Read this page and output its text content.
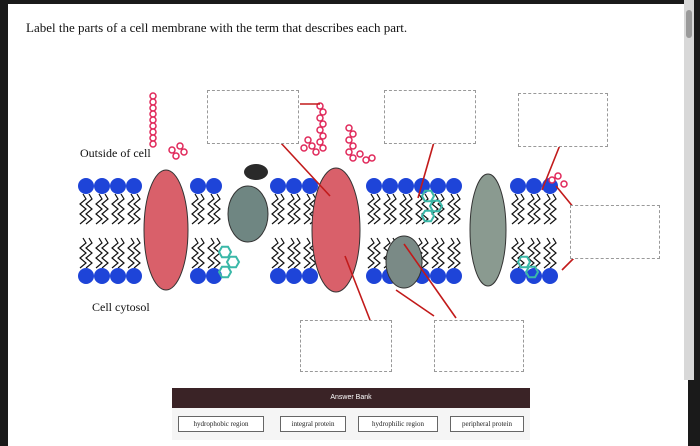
Label the parts of a cell membrane with the term that describes each part.
Outside of cell
Cell cytosol
Answer Bank
hydrophobic region	integral protein	hydrophilic region	peripheral protein
